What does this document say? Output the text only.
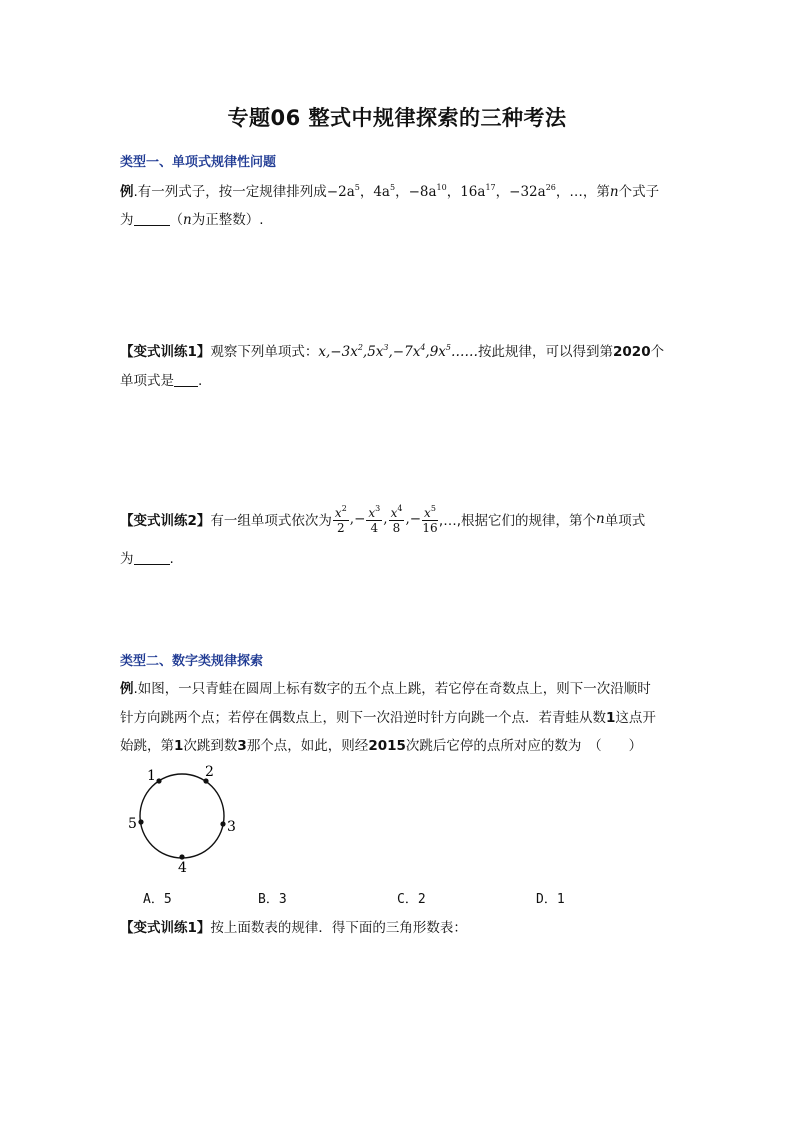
专题06 整式中规律探索的三种考法
类型一、单项式规律性问题
例.有一列式子，按一定规律排列成$-2a^5$，$4a^5$，$-8a^{10}$，$16a^{17}$，$-32a^{26}$，…，第n个式子
为	（n为正整数）.
【变式训练1】观察下列单项式：$x,-3x^2,5x^3,-7x^4,9x^5\dots\dots$按此规律，可以得到第2020个
单项式是 .
【变式训练2】 有一组单项式依次为 $\frac{x^2}{2}$ , − $\frac{x^3}{4}$ , $\frac{x^4}{8}$ , − $\frac{x^5}{16}$ ,…,根据它们的规律，第个 n 单项式
为	.
类型二、数字类规律探索
例.如图，一只青蛙在圆周上标有数字的五个点上跳，若它停在奇数点上，则下一次沿顺时
针方向跳两个点；若停在偶数点上，则下一次沿逆时针方向跳一个点．若青蛙从数1这点开
始跳，第1次跳到数3那个点，如此，则经2015次跳后它停的点所对应的数为　（　　）
1	2
3
4
5
A．5	B．3	C．2	D．1
【变式训练1】按上面数表的规律．得下面的三角形数表：
